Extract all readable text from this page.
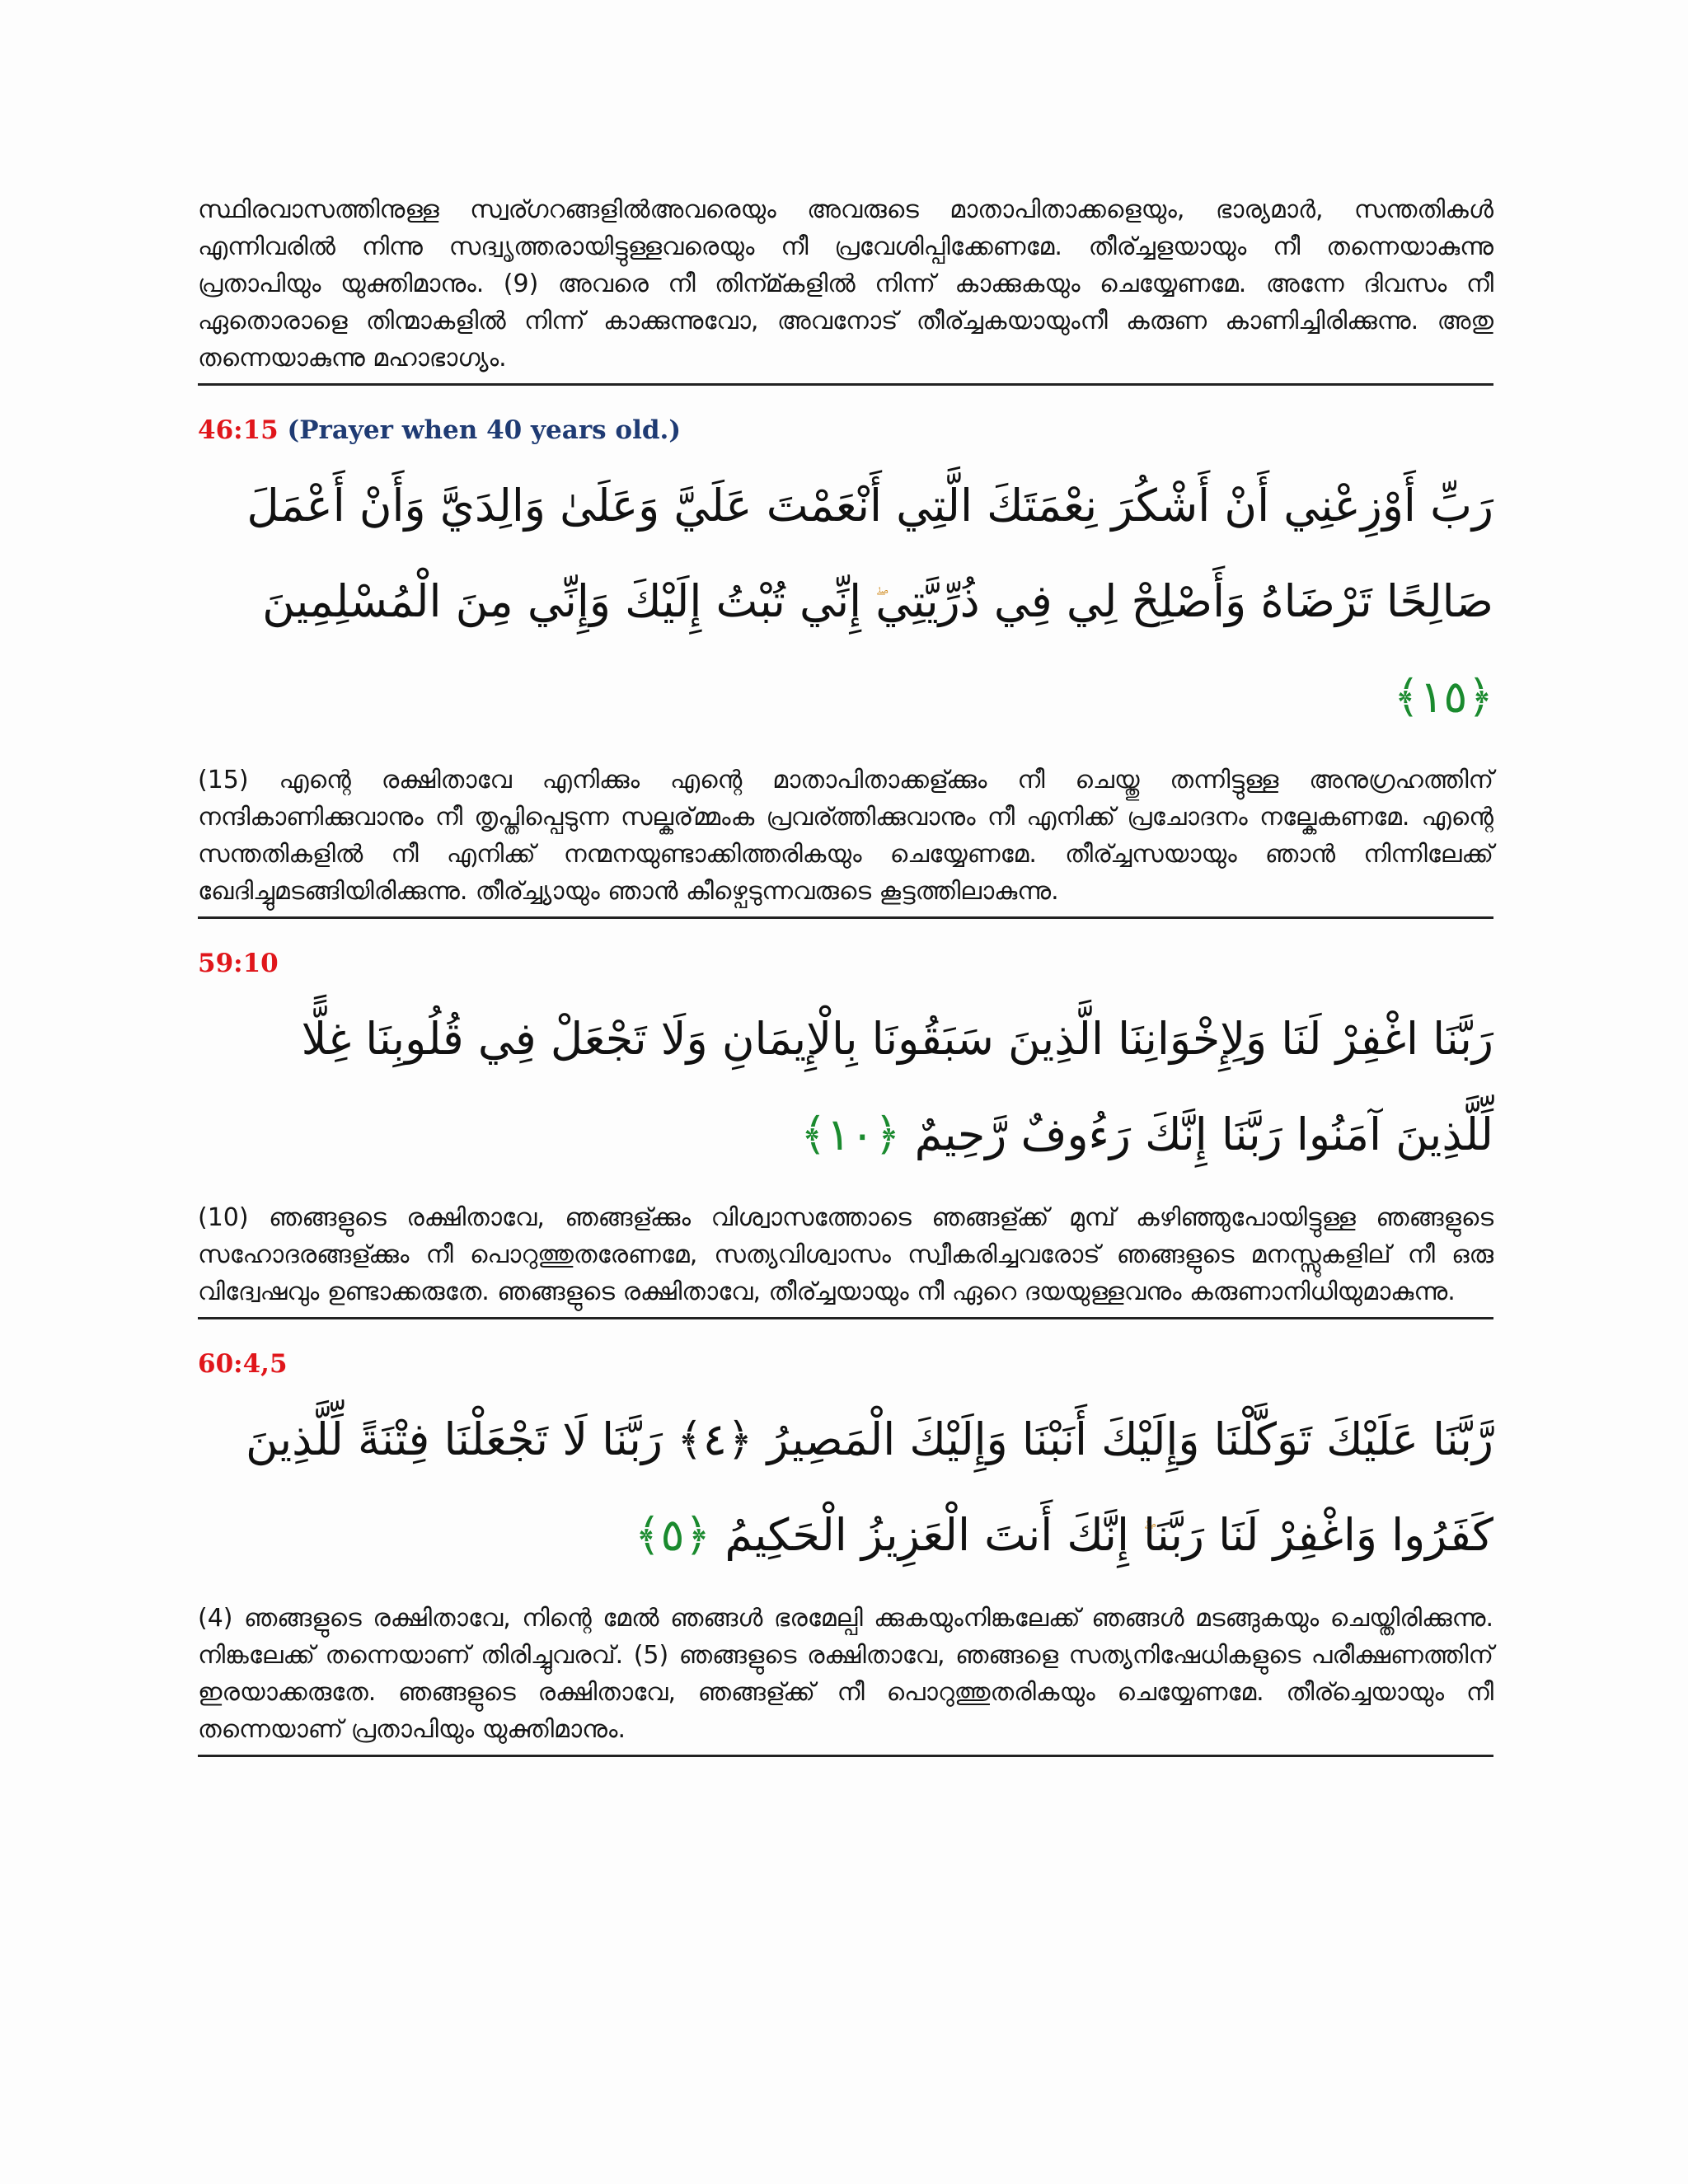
സ്ഥിരവാസത്തിനുള്ള സ്വര്ഗറങ്ങളില്‍അവരെയും അവരുടെ മാതാപിതാക്കളെയും, ഭാര്യമാര്‍, സന്തതികള്‍ എന്നിവരില്‍ നിന്നു സദ്വൃത്തരായിട്ടുള്ളവരെയും നീ പ്രവേശിപ്പിക്കേണമേ. തീര്ച്ചളയായും നീ തന്നെയാകുന്നു പ്രതാപിയും യുക്തിമാനും. (9) അവരെ നീ തിന്മ്കളില്‍ നിന്ന് കാക്കുകയും ചെയ്യേണമേ. അന്നേ ദിവസം നീ ഏതൊരാളെ തിന്മാകളില്‍ നിന്ന് കാക്കുന്നുവോ, അവനോട് തീര്ച്ചകയായുംനീ കരുണ കാണിച്ചിരിക്കുന്നു. അതു തന്നെയാകുന്നു മഹാഭാഗ്യം.

46:15 (Prayer when 40 years old.)

رَبِّ أَوْزِعْنِي أَنْ أَشْكُرَ نِعْمَتَكَ الَّتِي أَنْعَمْتَ عَلَيَّ وَعَلَىٰ وَالِدَيَّ وَأَنْ أَعْمَلَ صَالِحًا تَرْضَاهُ وَأَصْلِحْ لِي فِي ذُرِّيَّتِي إِنِّي تُبْتُ إِلَيْكَ وَإِنِّي مِنَ الْمُسْلِمِينَ ﴿١٥﴾

(15) എന്റെ രക്ഷിതാവേ എനിക്കും എന്റെ മാതാപിതാക്കള്ക്കും നീ ചെയ്തു തന്നിട്ടുള്ള അനുഗ്രഹത്തിന് നന്ദികാണിക്കുവാനും നീ തൃപ്തിപ്പെടുന്ന സല്കര്മ്മംക പ്രവര്ത്തിക്കുവാനും നീ എനിക്ക് പ്രചോദനം നല്കേകണമേ. എന്റെ സന്തതികളില്‍ നീ എനിക്ക് നന്മനയുണ്ടാക്കിത്തരികയും ചെയ്യേണമേ. തീര്ച്ചസയായും ഞാന്‍ നിന്നിലേക്ക് ഖേദിച്ചുമടങ്ങിയിരിക്കുന്നു. തീര്ച്ച്യായും ഞാന്‍ കീഴ്പെടുന്നവരുടെ കൂട്ടത്തിലാകുന്നു.

59:10

رَبَّنَا اغْفِرْ لَنَا وَلِإِخْوَانِنَا الَّذِينَ سَبَقُونَا بِالْإِيمَانِ وَلَا تَجْعَلْ فِي قُلُوبِنَا غِلًّا لِّلَّذِينَ آمَنُوا رَبَّنَا إِنَّكَ رَءُوفٌ رَّحِيمٌ ﴿١٠﴾

(10) ഞങ്ങളുടെ രക്ഷിതാവേ, ഞങ്ങള്ക്കും വിശ്വാസത്തോടെ ഞങ്ങള്ക്ക് മുമ്പ് കഴിഞ്ഞുപോയിട്ടുള്ള ഞങ്ങളുടെ സഹോദരങ്ങള്ക്കും നീ പൊറുത്തുതരേണമേ, സത്യവിശ്വാസം സ്വീകരിച്ചവരോട് ഞങ്ങളുടെ മനസ്സുകളില് നീ ഒരു വിദ്വേഷവും ഉണ്ടാക്കരുതേ. ഞങ്ങളുടെ രക്ഷിതാവേ, തീര്ച്ചയായും നീ ഏറെ ദയയുള്ളവനും കരുണാനിധിയുമാകുന്നു.

60:4,5

رَّبَّنَا عَلَيْكَ تَوَكَّلْنَا وَإِلَيْكَ أَنَبْنَا وَإِلَيْكَ الْمَصِيرُ ﴿٤﴾ رَبَّنَا لَا تَجْعَلْنَا فِتْنَةً لِّلَّذِينَ كَفَرُوا وَاغْفِرْ لَنَا رَبَّنَا إِنَّكَ أَنتَ الْعَزِيزُ الْحَكِيمُ ﴿٥﴾

(4) ഞങ്ങളുടെ രക്ഷിതാവേ, നിന്റെ മേല്‍ ഞങ്ങള്‍ ഭരമേല്പി ക്കുകയുംനിങ്കലേക്ക് ഞങ്ങള്‍ മടങ്ങുകയും ചെയ്തിരിക്കുന്നു. നിങ്കലേക്ക് തന്നെയാണ് തിരിച്ചുവരവ്. (5) ഞങ്ങളുടെ രക്ഷിതാവേ, ഞങ്ങളെ സത്യനിഷേധികളുടെ പരീക്ഷണത്തിന് ഇരയാക്കരുതേ. ഞങ്ങളുടെ രക്ഷിതാവേ, ഞങ്ങള്ക്ക് നീ പൊറുത്തുതരികയും ചെയ്യേണമേ. തീര്ച്ചെയായും നീ തന്നെയാണ് പ്രതാപിയും യുക്തിമാനും.
